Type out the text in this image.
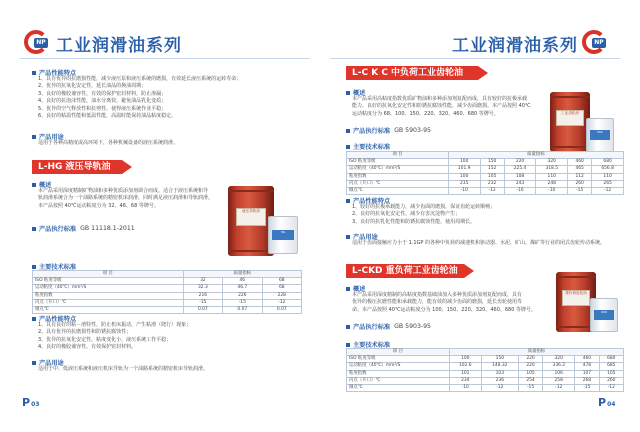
NP 工业润滑油系列
产品性能特点
1、具有优异的抗磨损性能，减少液压泵和液压系统的磨损，有效延长液压系统的运转寿命；
2、优异的抗氧化安定性，延长油品的换油周期；
3、良好的橡胶兼容性，有效的保护密封材料，防止渗漏；
4、良好的抗泡沫性能，油水分离快，避免油品乳化变质；
5、优异的空气释放性和抗剪性，使得液压系统作业平稳；
6、良好的粘温性能和低温性能，高温时能保持油品粘度稳定。
产品用途
适用于各种高精度或高环境下，各种机械设备的液压系统润滑。
L-HG 液压导轨油
概述
本产品采用深度精制矿物油和多种优质添加剂调合而成。适合于液压系统和导
轨润滑系统合为一个油路系统的精密机床润滑，同时满足液压润滑和导轨润滑。
本产品按照 40℃运动粘度分为 32、46、68 等牌号。
产品执行标准 GB 11118.1-2011
液压导轨油
HG
主要技术标准
项 目	质量指标		
ISO 粘度等级	32	46	68
运动粘度（40℃）mm²/S	32.3	46.7	68
粘度指数	216	226	228
闪点（开口）℃	-15	-15	-12
倾点℃	0.07	0.07	0.07
产品性能特点
1、具有良好的粘－滑特性，防止机床振动，产生粘滑（爬行）现象；
2、具有优异的抗磨损性和防锈抗腐蚀性；
3、优异的抗氧化安定性，粘度变化小，液压系统工作平稳；
4、良好的橡胶兼容性，有效保护密封材料。
产品用途
适用于中、低液压系统和液压机床导轨为一个油路系统的精密机床导轨润滑。
P03
工业润滑油系列	NP
L-C K C 中负荷工业齿轮油
概述
本产品采用高粘度指数优质矿物油和多种添加剂复配而成，具有较好的抗极承载
能力、良好的抗氧化安定性和防锈抗腐蚀性能，减少齿面磨损。本产品按照 40℃
运动粘度分为 68、100、150、220、320、460、680 等牌号。
产品执行标准 GB 5903-95
工业齿轮油
CKC
主要技术标准
项 目	质量指标					
ISO 粘度等级	100	150	220	320	460	680
运动粘度（40℃）mm²/S	101.9	152	225.4	318.5	465	656.8
粘度指数	100	105	108	110	112	110
闪点（开口）℃	235	232	243	248	260	265
倾点℃	-10	-12	-16	-10	-15	-12
产品性能特点
1、较好的抗极承载能力，减少齿面的磨损，保证齿轮运转顺畅；
2、良好的抗氧化安定性，减少有害沉淀物产生；
3、良好的抗乳化性能和防锈抗腐蚀性能，使用周期长。
产品用途
适用于齿面接触应力小于 1.1GP 的各种中负荷的减速机和驱动器、水泥、矿山、煤矿等行业的闭式齿轮传动系统。
L-CKD 重负荷工业齿轮油
概述
本产品采用深度精制的高粘度指数基础油加入多种优质添加剂复配而成，具有
优异的极压抗磨性能和承载能力，能有效的减少齿面的磨损，延长齿轮使用寿
命。本产品按照 40℃运动粘度分为 100、150、220、320、460、680 等牌号。
产品执行标准 GB 5903-95
重负荷齿轮油
CKD
主要技术标准
项 目	质量指标					
ISO 粘度等级	100	150	220	320	460	680
运动粘度（40℃）mm²/S	102.6	148.32	220	336.2	478	685
粘度指数	101	103	105	106	107	105
闪点（开口）℃	234	236	254	258	268	260
倾点℃	-10	-12	-15	-12	-15	-12
P04
